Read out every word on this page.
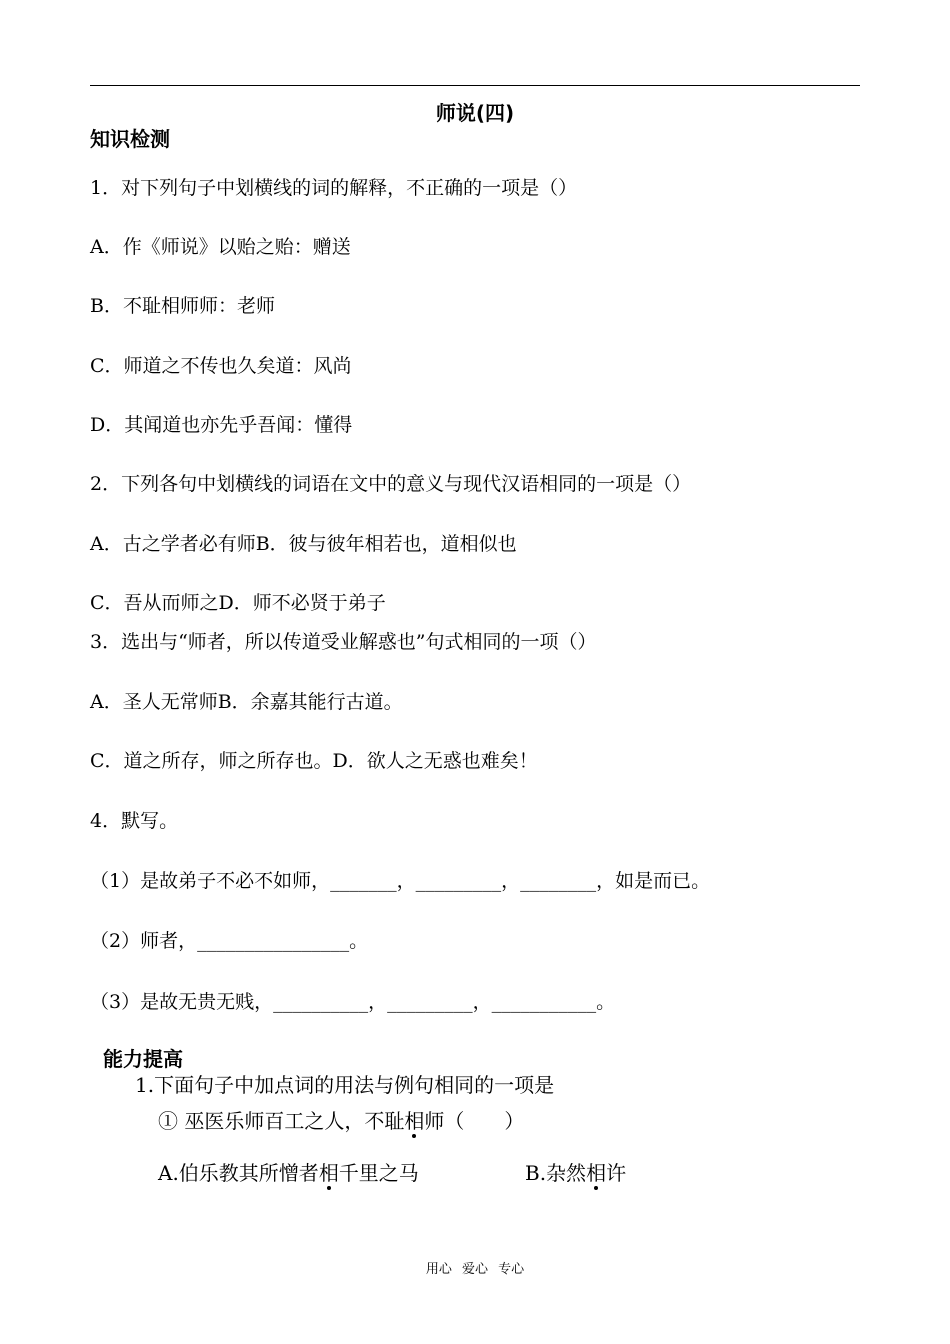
师说(四)
知识检测
1．对下列句子中划横线的词的解释，不正确的一项是（）
A．作《师说》以贻之贻：赠送
B．不耻相师师：老师
C．师道之不传也久矣道：风尚
D．其闻道也亦先乎吾闻：懂得
2．下列各句中划横线的词语在文中的意义与现代汉语相同的一项是（）
A．古之学者必有师B．彼与彼年相若也，道相似也
C．吾从而师之D．师不必贤于弟子
3．选出与“师者，所以传道受业解惑也”句式相同的一项（）
A．圣人无常师B．余嘉其能行古道。
C．道之所存，师之所存也。D．欲人之无惑也难矣！
4．默写。
（1）是故弟子不必不如师，_______，_________，________，如是而已。
（2）师者，________________。
（3）是故无贵无贱，__________，_________，___________。
能力提高
1.下面句子中加点词的用法与例句相同的一项是
① 巫医乐师百工之人，不耻相师（　　）
A.伯乐教其所憎者相千里之马	B.杂然相许
用心 爱心 专心
